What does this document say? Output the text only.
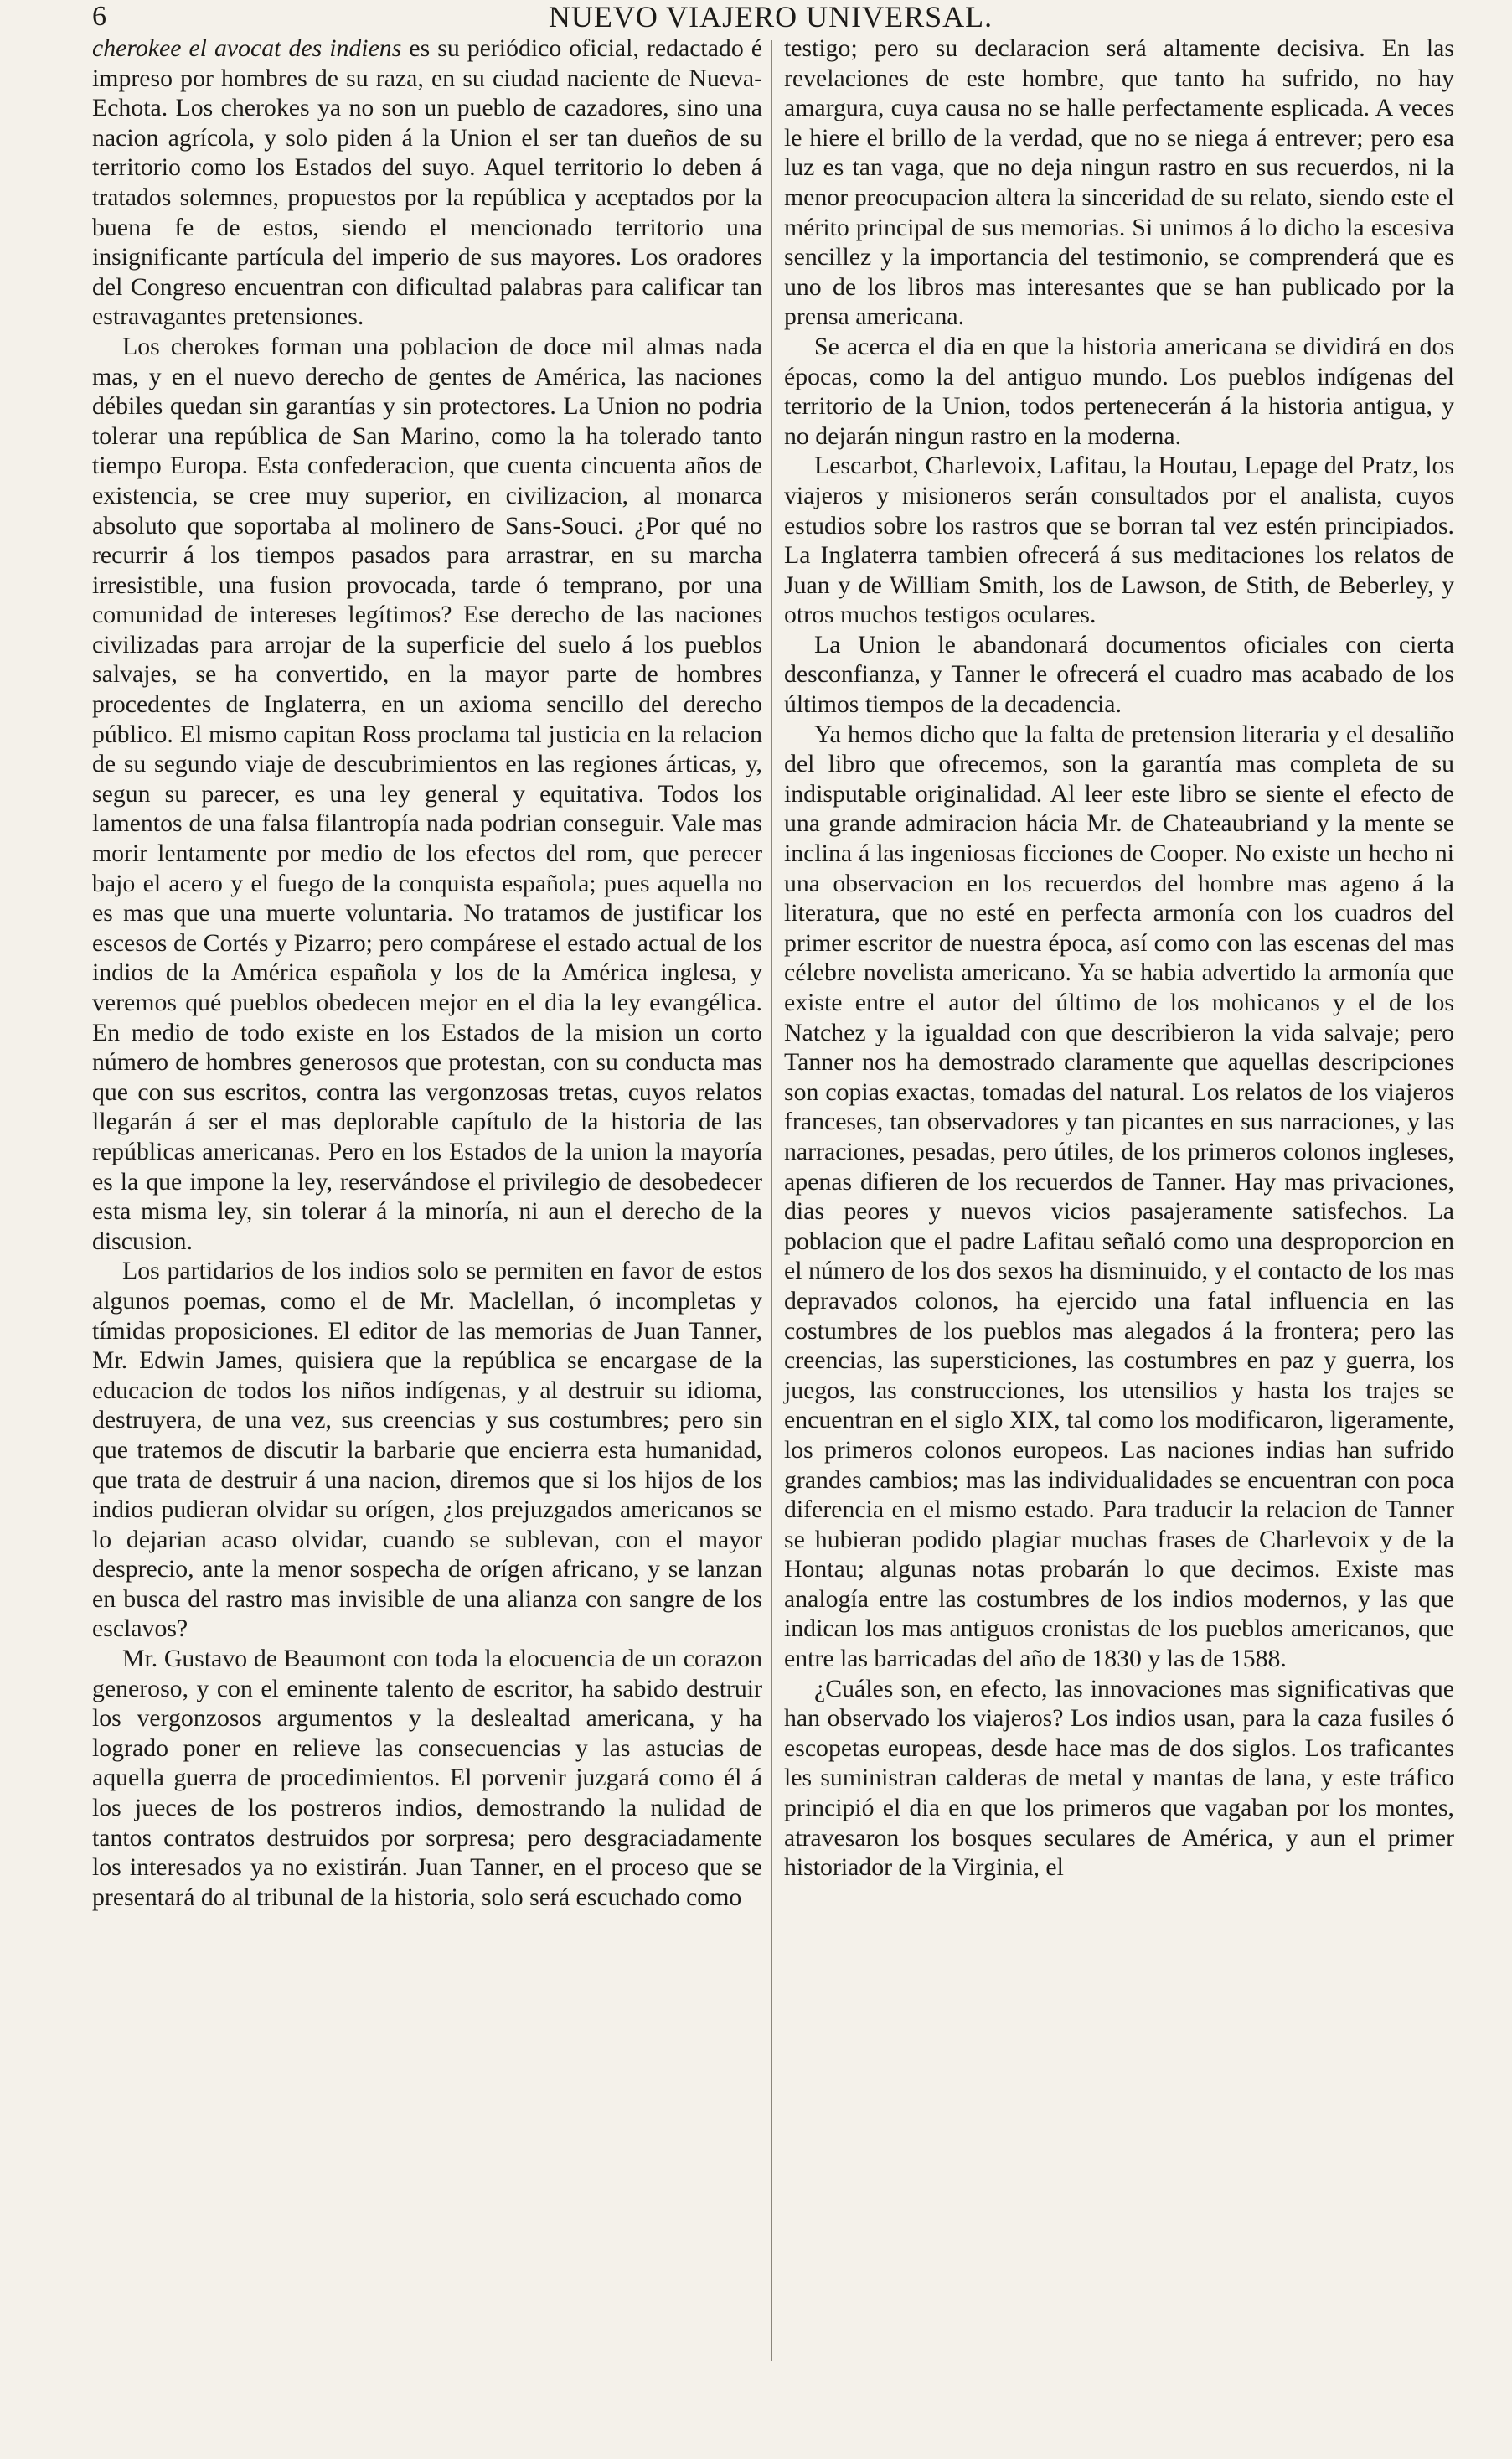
6	NUEVO VIAJERO UNIVERSAL.

cherokee el avocat des indiens es su periódico oficial, redactado é impreso por hombres de su raza, en su ciudad naciente de Nueva-Echota. Los cherokes ya no son un pueblo de cazadores, sino una nacion agrícola, y solo piden á la Union el ser tan dueños de su territorio como los Estados del suyo. Aquel territorio lo deben á tratados solemnes, propuestos por la república y aceptados por la buena fe de estos, siendo el mencionado territorio una insignificante partícula del imperio de sus mayores. Los oradores del Congreso encuentran con dificultad palabras para calificar tan estravagantes pretensiones.

Los cherokes forman una poblacion de doce mil almas nada mas, y en el nuevo derecho de gentes de América, las naciones débiles quedan sin garantías y sin protectores. La Union no podria tolerar una república de San Marino, como la ha tolerado tanto tiempo Europa. Esta confederacion, que cuenta cincuenta años de existencia, se cree muy superior, en civilizacion, al monarca absoluto que soportaba al molinero de Sans-Souci. ¿Por qué no recurrir á los tiempos pasados para arrastrar, en su marcha irresistible, una fusion provocada, tarde ó temprano, por una comunidad de intereses legítimos? Ese derecho de las naciones civilizadas para arrojar de la superficie del suelo á los pueblos salvajes, se ha convertido, en la mayor parte de hombres procedentes de Inglaterra, en un axioma sencillo del derecho público. El mismo capitan Ross proclama tal justicia en la relacion de su segundo viaje de descubrimientos en las regiones árticas, y, segun su parecer, es una ley general y equitativa. Todos los lamentos de una falsa filantropía nada podrian conseguir. Vale mas morir lentamente por medio de los efectos del rom, que perecer bajo el acero y el fuego de la conquista española; pues aquella no es mas que una muerte voluntaria. No tratamos de justificar los escesos de Cortés y Pizarro; pero compárese el estado actual de los indios de la América española y los de la América inglesa, y veremos qué pueblos obedecen mejor en el dia la ley evangélica. En medio de todo existe en los Estados de la mision un corto número de hombres generosos que protestan, con su conducta mas que con sus escritos, contra las vergonzosas tretas, cuyos relatos llegarán á ser el mas deplorable capítulo de la historia de las repúblicas americanas. Pero en los Estados de la union la mayoría es la que impone la ley, reservándose el privilegio de desobedecer esta misma ley, sin tolerar á la minoría, ni aun el derecho de la discusion.

Los partidarios de los indios solo se permiten en favor de estos algunos poemas, como el de Mr. Maclellan, ó incompletas y tímidas proposiciones. El editor de las memorias de Juan Tanner, Mr. Edwin James, quisiera que la república se encargase de la educacion de todos los niños indígenas, y al destruir su idioma, destruyera, de una vez, sus creencias y sus costumbres; pero sin que tratemos de discutir la barbarie que encierra esta humanidad, que trata de destruir á una nacion, diremos que si los hijos de los indios pudieran olvidar su orígen, ¿los prejuzgados americanos se lo dejarian acaso olvidar, cuando se sublevan, con el mayor desprecio, ante la menor sospecha de orígen africano, y se lanzan en busca del rastro mas invisible de una alianza con sangre de los esclavos?

Mr. Gustavo de Beaumont con toda la elocuencia de un corazon generoso, y con el eminente talento de escritor, ha sabido destruir los vergonzosos argumentos y la deslealtad americana, y ha logrado poner en relieve las consecuencias y las astucias de aquella guerra de procedimientos. El porvenir juzgará como él á los jueces de los postreros indios, demostrando la nulidad de tantos contratos destruidos por sorpresa; pero desgraciadamente los interesados ya no existirán. Juan Tanner, en el proceso que se presentará do al tribunal de la historia, solo será escuchado como

testigo; pero su declaracion será altamente decisiva. En las revelaciones de este hombre, que tanto ha sufrido, no hay amargura, cuya causa no se halle perfectamente esplicada. A veces le hiere el brillo de la verdad, que no se niega á entrever; pero esa luz es tan vaga, que no deja ningun rastro en sus recuerdos, ni la menor preocupacion altera la sinceridad de su relato, siendo este el mérito principal de sus memorias. Si unimos á lo dicho la escesiva sencillez y la importancia del testimonio, se comprenderá que es uno de los libros mas interesantes que se han publicado por la prensa americana.

Se acerca el dia en que la historia americana se dividirá en dos épocas, como la del antiguo mundo. Los pueblos indígenas del territorio de la Union, todos pertenecerán á la historia antigua, y no dejarán ningun rastro en la moderna.

Lescarbot, Charlevoix, Lafitau, la Houtau, Lepage del Pratz, los viajeros y misioneros serán consultados por el analista, cuyos estudios sobre los rastros que se borran tal vez estén principiados. La Inglaterra tambien ofrecerá á sus meditaciones los relatos de Juan y de William Smith, los de Lawson, de Stith, de Beberley, y otros muchos testigos oculares.

La Union le abandonará documentos oficiales con cierta desconfianza, y Tanner le ofrecerá el cuadro mas acabado de los últimos tiempos de la decadencia.

Ya hemos dicho que la falta de pretension literaria y el desaliño del libro que ofrecemos, son la garantía mas completa de su indisputable originalidad. Al leer este libro se siente el efecto de una grande admiracion hácia Mr. de Chateaubriand y la mente se inclina á las ingeniosas ficciones de Cooper. No existe un hecho ni una observacion en los recuerdos del hombre mas ageno á la literatura, que no esté en perfecta armonía con los cuadros del primer escritor de nuestra época, así como con las escenas del mas célebre novelista americano. Ya se habia advertido la armonía que existe entre el autor del último de los mohicanos y el de los Natchez y la igualdad con que describieron la vida salvaje; pero Tanner nos ha demostrado claramente que aquellas descripciones son copias exactas, tomadas del natural. Los relatos de los viajeros franceses, tan observadores y tan picantes en sus narraciones, y las narraciones, pesadas, pero útiles, de los primeros colonos ingleses, apenas difieren de los recuerdos de Tanner. Hay mas privaciones, dias peores y nuevos vicios pasajeramente satisfechos. La poblacion que el padre Lafitau señaló como una desproporcion en el número de los dos sexos ha disminuido, y el contacto de los mas depravados colonos, ha ejercido una fatal influencia en las costumbres de los pueblos mas alegados á la frontera; pero las creencias, las supersticiones, las costumbres en paz y guerra, los juegos, las construcciones, los utensilios y hasta los trajes se encuentran en el siglo XIX, tal como los modificaron, ligeramente, los primeros colonos europeos. Las naciones indias han sufrido grandes cambios; mas las individualidades se encuentran con poca diferencia en el mismo estado. Para traducir la relacion de Tanner se hubieran podido plagiar muchas frases de Charlevoix y de la Hontau; algunas notas probarán lo que decimos. Existe mas analogía entre las costumbres de los indios modernos, y las que indican los mas antiguos cronistas de los pueblos americanos, que entre las barricadas del año de 1830 y las de 1588.

¿Cuáles son, en efecto, las innovaciones mas significativas que han observado los viajeros? Los indios usan, para la caza fusiles ó escopetas europeas, desde hace mas de dos siglos. Los traficantes les suministran calderas de metal y mantas de lana, y este tráfico principió el dia en que los primeros que vagaban por los montes, atravesaron los bosques seculares de América, y aun el primer historiador de la Virginia, el
